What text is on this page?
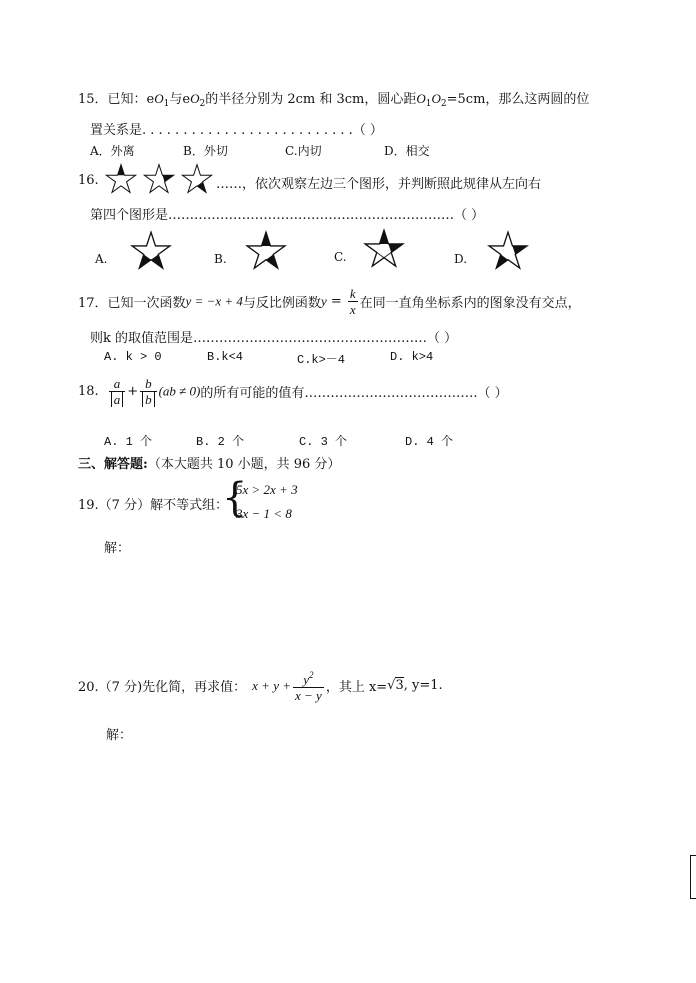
15．已知：$eO_1$与$eO_2$的半径分别为 2cm 和 3cm，圆心距$O_1O_2=5cm$，那么这两圆的位
置关系是. . . . . . . . . . . . . . . . . . . . . . . . . .（ ）
A．外离	B．外切	C.内切	D．相交
16.
	……，依次观察左边三个图形，并判断照此规律从左向右
第四个图形是…………………………………………………………（ ）
A.	B.	C.	D.
17．已知一次函数y = −x + 4与反比例函数$y = \frac{k}{x}$ 在同一直角坐标系内的图象没有交点，
则k 的取值范围是………………………………………………（ ）
A. k > 0	B.k<4	C.k>－4	D. k>4
18. $\frac{a}{a} + \frac{b}{b} (ab \ne 0)$的所有可能的值有………………………………….（ ）
A. 1 个	B. 2 个	C. 3 个	D. 4 个
三、解答题:（本大题共 10 小题，共 96 分）
19.（7 分）解不等式组：
{
5x > 2x + 3
3x − 1 < 8
解：
20.（7 分)先化简，再求值： $x + y + \frac{y^2}{x - y}$ ，其上 x=√3, y=1.
解：
